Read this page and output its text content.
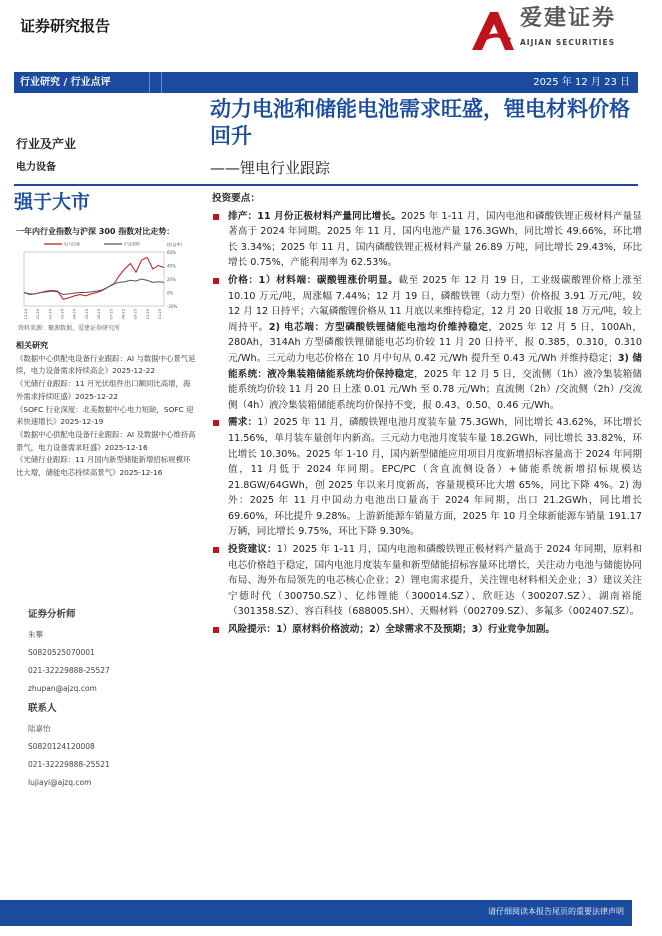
证券研究报告	爱建证券
AIJIAN SECURITIES
行业研究 / 行业点评	2025 年 12 月 23 日
动力电池和储能电池需求旺盛，锂电材料价格回升
——锂电行业跟踪
行业及产业
电力设备
强于大市
一年内行业指数与沪深 300 指数对比走势：
60%
40%
20%
0%
-20%
(收益率)
12-24 01-25 02-25 03-25 04-25 05-25 06-25 07-25 08-25 09-25 10-25 11-25
电力设备	沪深300
资料来源：聚源数据，爱建证券研究所
相关研究
《数据中心供配电设备行业跟踪：AI 与数据中心景气延续，电力设备需求持续高企》2025-12-22
《光储行业跟踪：11 月光伏组件出口额同比高增，海外需求持续旺盛》2025-12-22
《SOFC 行业深度：北美数据中心电力短缺，SOFC 迎来快速增长》2025-12-19
《数据中心供配电设备行业跟踪：AI 及数据中心维持高景气，电力设备需求旺盛》2025-12-16
《光储行业跟踪：11 月国内新型储能新增招标规模环比大增，储能电芯持续高景气》2025-12-16
证券分析师
朱攀
S0820525070001
021-32229888-25527
zhupan@ajzq.com
联系人
陆嘉怡
S0820124120008
021-32229888-25521
lujiayi@ajzq.com
投资要点：
排产：11 月份正极材料产量同比增长。2025 年 1-11 月，国内电池和磷酸铁锂正极材料产量显著高于 2024 年同期。2025 年 11 月，国内电池产量 176.3GWh，同比增长 49.66%，环比增长 3.34%；2025 年 11 月，国内磷酸铁锂正极材料产量 26.89 万吨，同比增长 29.43%，环比增长 0.75%，产能利用率为 62.53%。
价格：1）材料端：碳酸锂涨价明显。截至 2025 年 12 月 19 日，工业级碳酸锂价格上涨至 10.10 万元/吨，周涨幅 7.44%；12 月 19 日，磷酸铁锂（动力型）价格报 3.91 万元/吨，较 12 月 12 日持平；六氟磷酸锂价格从 11 月底以来维持稳定，12 月 20 日收报 18 万元/吨，较上周持平。2) 电芯端：方型磷酸铁锂储能电池均价维持稳定，2025 年 12 月 5 日，100Ah，280Ah，314Ah 方型磷酸铁锂储能电芯均价较 11 月 20 日持平，报 0.385，0.310，0.310 元/Wh。三元动力电芯价格在 10 月中旬从 0.42 元/Wh 提升至 0.43 元/Wh 并维持稳定；3) 储能系统：液冷集装箱储能系统均价保持稳定，2025 年 12 月 5 日，交流侧（1h）液冷集装箱储能系统均价较 11 月 20 日上涨 0.01 元/Wh 至 0.78 元/Wh；直流侧（2h）/交流侧（2h）/交流侧（4h）液冷集装箱储能系统均价保持不变，报 0.43、0.50、0.46 元/Wh。
需求：1）2025 年 11 月，磷酸铁锂电池月度装车量 75.3GWh，同比增长 43.62%，环比增长 11.56%，单月装车量创年内新高。三元动力电池月度装车量 18.2GWh，同比增长 33.82%，环比增长 10.30%。2025 年 1-10 月，国内新型储能应用项目月度新增招标容量高于 2024 年同期值，11 月低于 2024 年同期。EPC/PC（含直流侧设备）+储能系统新增招标规模达 21.8GW/64GWh，创 2025 年以来月度新高，容量规模环比大增 65%，同比下降 4%。2) 海外：2025 年 11 月中国动力电池出口量高于 2024 年同期，出口 21.2GWh，同比增长 69.60%，环比提升 9.28%。上游新能源车销量方面，2025 年 10 月全球新能源车销量 191.17 万辆，同比增长 9.75%，环比下降 9.30%。
投资建议：1）2025 年 1-11 月，国内电池和磷酸铁锂正极材料产量高于 2024 年同期，原料和电芯价格趋于稳定，国内电池月度装车量和新型储能招标容量环比增长，关注动力电池与储能协同布局、海外布局领先的电芯核心企业；2）锂电需求提升，关注锂电材料相关企业；3）建议关注宁德时代（300750.SZ）、亿纬锂能（300014.SZ）、欣旺达（300207.SZ）、湖南裕能（301358.SZ）、容百科技（688005.SH）、天赐材料（002709.SZ）、多氟多（002407.SZ）。
风险提示：1）原材料价格波动；2）全球需求不及预期；3）行业竞争加剧。
请仔细阅读本报告尾页的重要法律声明
